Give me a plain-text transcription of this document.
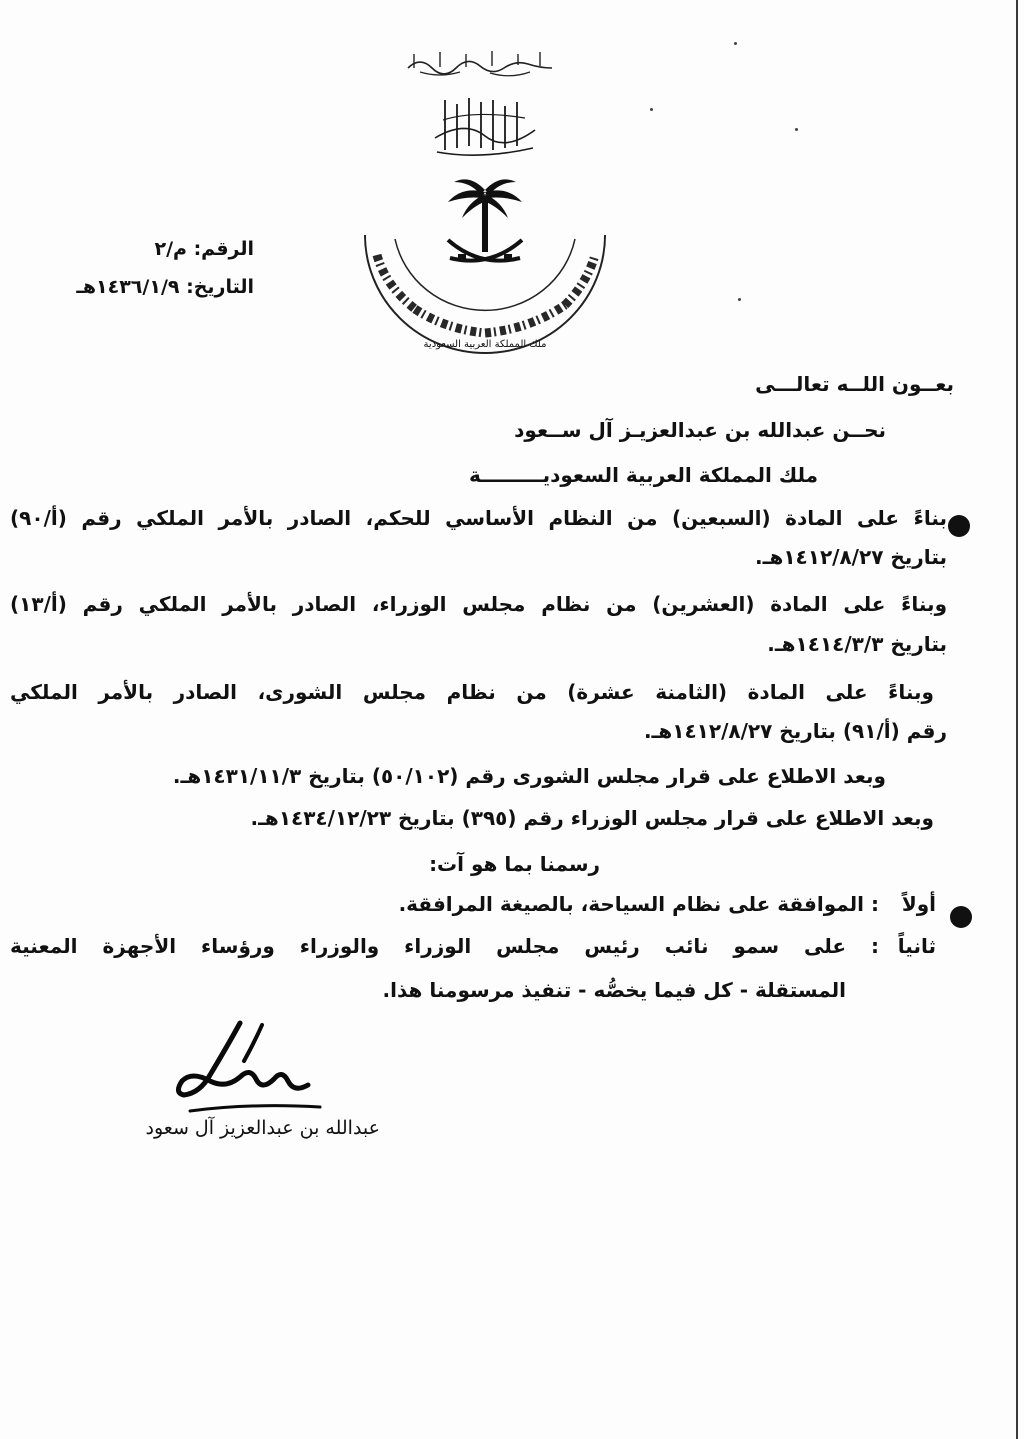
ملك المملكة العربية السعودية
الرقم: م/٢
التاريخ: ١٤٣٦/١/٩هـ
بعــون اللــه تعالـــى
نحــن عبدالله بن عبدالعزيـز آل ســعود
ملك المملكة العربية السعوديـــــــــة
بناءً على المادة (السبعين) من النظام الأساسي للحكم، الصادر بالأمر الملكي رقم (أ/٩٠)
بتاريخ ١٤١٢/٨/٢٧هـ.
وبناءً على المادة (العشرين) من نظام مجلس الوزراء، الصادر بالأمر الملكي رقم (أ/١٣)
بتاريخ ١٤١٤/٣/٣هـ.
وبناءً على المادة (الثامنة عشرة) من نظام مجلس الشورى، الصادر بالأمر الملكي
رقم (أ/٩١) بتاريخ ١٤١٢/٨/٢٧هـ.
وبعد الاطلاع على قرار مجلس الشورى رقم (٥٠/١٠٢) بتاريخ ١٤٣١/١١/٣هـ.
وبعد الاطلاع على قرار مجلس الوزراء رقم (٣٩٥) بتاريخ ١٤٣٤/١٢/٢٣هـ.
رسمنا بما هو آت:
أولاً
: الموافقة على نظام السياحة، بالصيغة المرافقة.
ثانياً
: على سمو نائب رئيس مجلس الوزراء والوزراء ورؤساء الأجهزة المعنية
المستقلة - كل فيما يخصُّه - تنفيذ مرسومنا هذا.
عبدالله بن عبدالعزيز آل سعود
